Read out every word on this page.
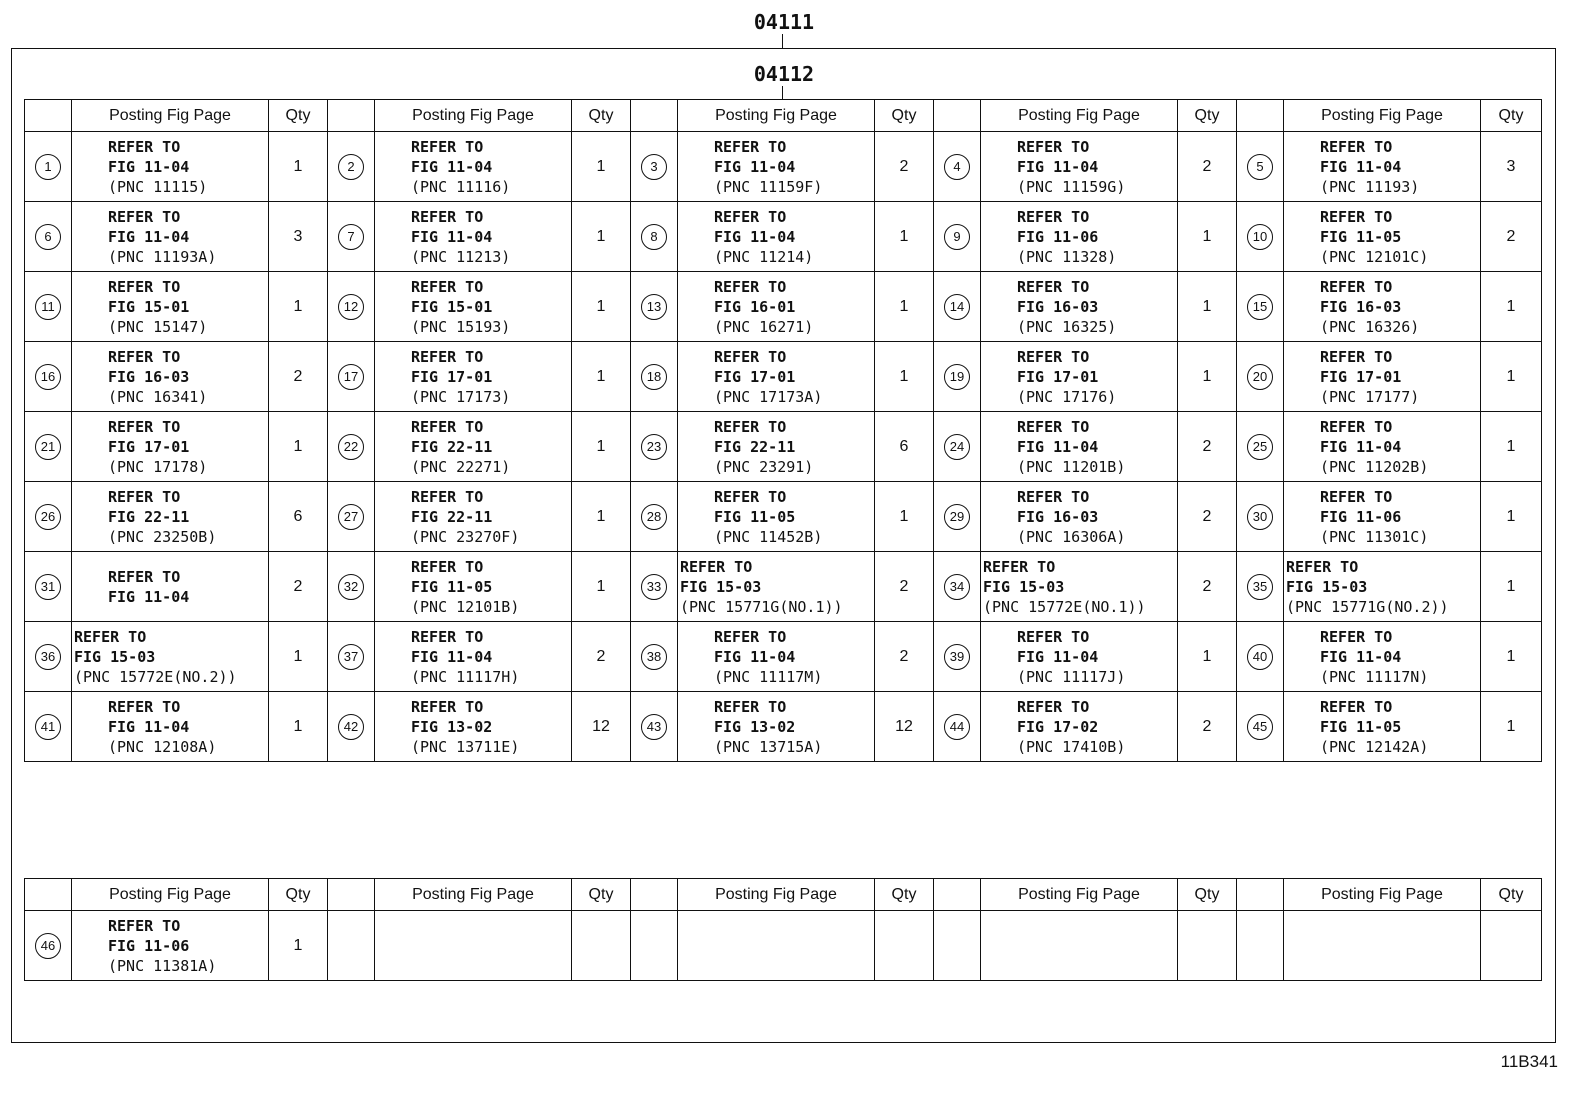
04111
04112
	Posting Fig Page	Qty		Posting Fig Page	Qty		Posting Fig Page	Qty		Posting Fig Page	Qty		Posting Fig Page	Qty
1	REFER TO
FIG 11-04
(PNC 11115)	1	2	REFER TO
FIG 11-04
(PNC 11116)	1	3	REFER TO
FIG 11-04
(PNC 11159F)	2	4	REFER TO
FIG 11-04
(PNC 11159G)	2	5	REFER TO
FIG 11-04
(PNC 11193)	3
6	REFER TO
FIG 11-04
(PNC 11193A)	3	7	REFER TO
FIG 11-04
(PNC 11213)	1	8	REFER TO
FIG 11-04
(PNC 11214)	1	9	REFER TO
FIG 11-06
(PNC 11328)	1	10	REFER TO
FIG 11-05
(PNC 12101C)	2
11	REFER TO
FIG 15-01
(PNC 15147)	1	12	REFER TO
FIG 15-01
(PNC 15193)	1	13	REFER TO
FIG 16-01
(PNC 16271)	1	14	REFER TO
FIG 16-03
(PNC 16325)	1	15	REFER TO
FIG 16-03
(PNC 16326)	1
16	REFER TO
FIG 16-03
(PNC 16341)	2	17	REFER TO
FIG 17-01
(PNC 17173)	1	18	REFER TO
FIG 17-01
(PNC 17173A)	1	19	REFER TO
FIG 17-01
(PNC 17176)	1	20	REFER TO
FIG 17-01
(PNC 17177)	1
21	REFER TO
FIG 17-01
(PNC 17178)	1	22	REFER TO
FIG 22-11
(PNC 22271)	1	23	REFER TO
FIG 22-11
(PNC 23291)	6	24	REFER TO
FIG 11-04
(PNC 11201B)	2	25	REFER TO
FIG 11-04
(PNC 11202B)	1
26	REFER TO
FIG 22-11
(PNC 23250B)	6	27	REFER TO
FIG 22-11
(PNC 23270F)	1	28	REFER TO
FIG 11-05
(PNC 11452B)	1	29	REFER TO
FIG 16-03
(PNC 16306A)	2	30	REFER TO
FIG 11-06
(PNC 11301C)	1
31	REFER TO
FIG 11-04	2	32	REFER TO
FIG 11-05
(PNC 12101B)	1	33	REFER TO
FIG 15-03
(PNC 15771G(NO.1))	2	34	REFER TO
FIG 15-03
(PNC 15772E(NO.1))	2	35	REFER TO
FIG 15-03
(PNC 15771G(NO.2))	1
36	REFER TO
FIG 15-03
(PNC 15772E(NO.2))	1	37	REFER TO
FIG 11-04
(PNC 11117H)	2	38	REFER TO
FIG 11-04
(PNC 11117M)	2	39	REFER TO
FIG 11-04
(PNC 11117J)	1	40	REFER TO
FIG 11-04
(PNC 11117N)	1
41	REFER TO
FIG 11-04
(PNC 12108A)	1	42	REFER TO
FIG 13-02
(PNC 13711E)	12	43	REFER TO
FIG 13-02
(PNC 13715A)	12	44	REFER TO
FIG 17-02
(PNC 17410B)	2	45	REFER TO
FIG 11-05
(PNC 12142A)	1
	Posting Fig Page	Qty		Posting Fig Page	Qty		Posting Fig Page	Qty		Posting Fig Page	Qty		Posting Fig Page	Qty
46	REFER TO
FIG 11-06
(PNC 11381A)	1												
11B341
